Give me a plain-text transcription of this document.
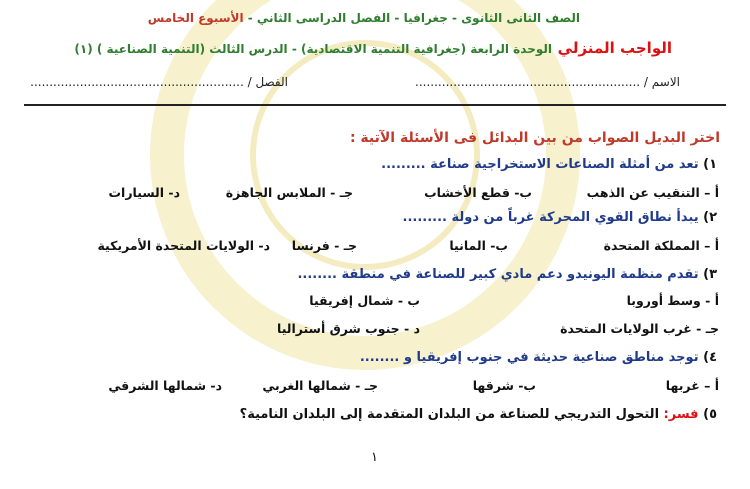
الصف الثانى الثانوى - جغرافيا - الفصل الدراسى الثاني - الأسبوع الخامس
الوحدة الرابعة (جغرافية التنمية الاقتصادية) - الدرس الثالث (التنمية الصناعية ) (١)	الواجب المنزلي
الاسم / ...........................................................
الفصل / ........................................................
اختر البديل الصواب من بين البدائل فى الأسئلة الآتية :
١) تعد من أمثلة الصناعات الاستخراجية صناعة .........
أ – التنقيب عن الذهب
ب- قطع الأخشاب
جـ - الملابس الجاهزة
د- السيارات
٢) يبدأ نطاق القوي المحركة غرباً من دولة .........
أ – المملكة المتحدة
ب- المانيا
جـ - فرنسا
د- الولايات المتحدة الأمريكية
٣) تقدم منظمة اليونيدو دعم مادي كبير للصناعة في منطقة ........
أ - وسط أوروبا
ب - شمال إفريقيا
جـ - غرب الولايات المتحدة
د - جنوب شرق أستراليا
٤) توجد مناطق صناعية حديثة في جنوب إفريقيا و ........
أ – غربها
ب- شرقها
جـ - شمالها الغربي
د- شمالها الشرقي
٥) فسر: التحول التدريجي للصناعة من البلدان المتقدمة إلى البلدان النامية؟
١
